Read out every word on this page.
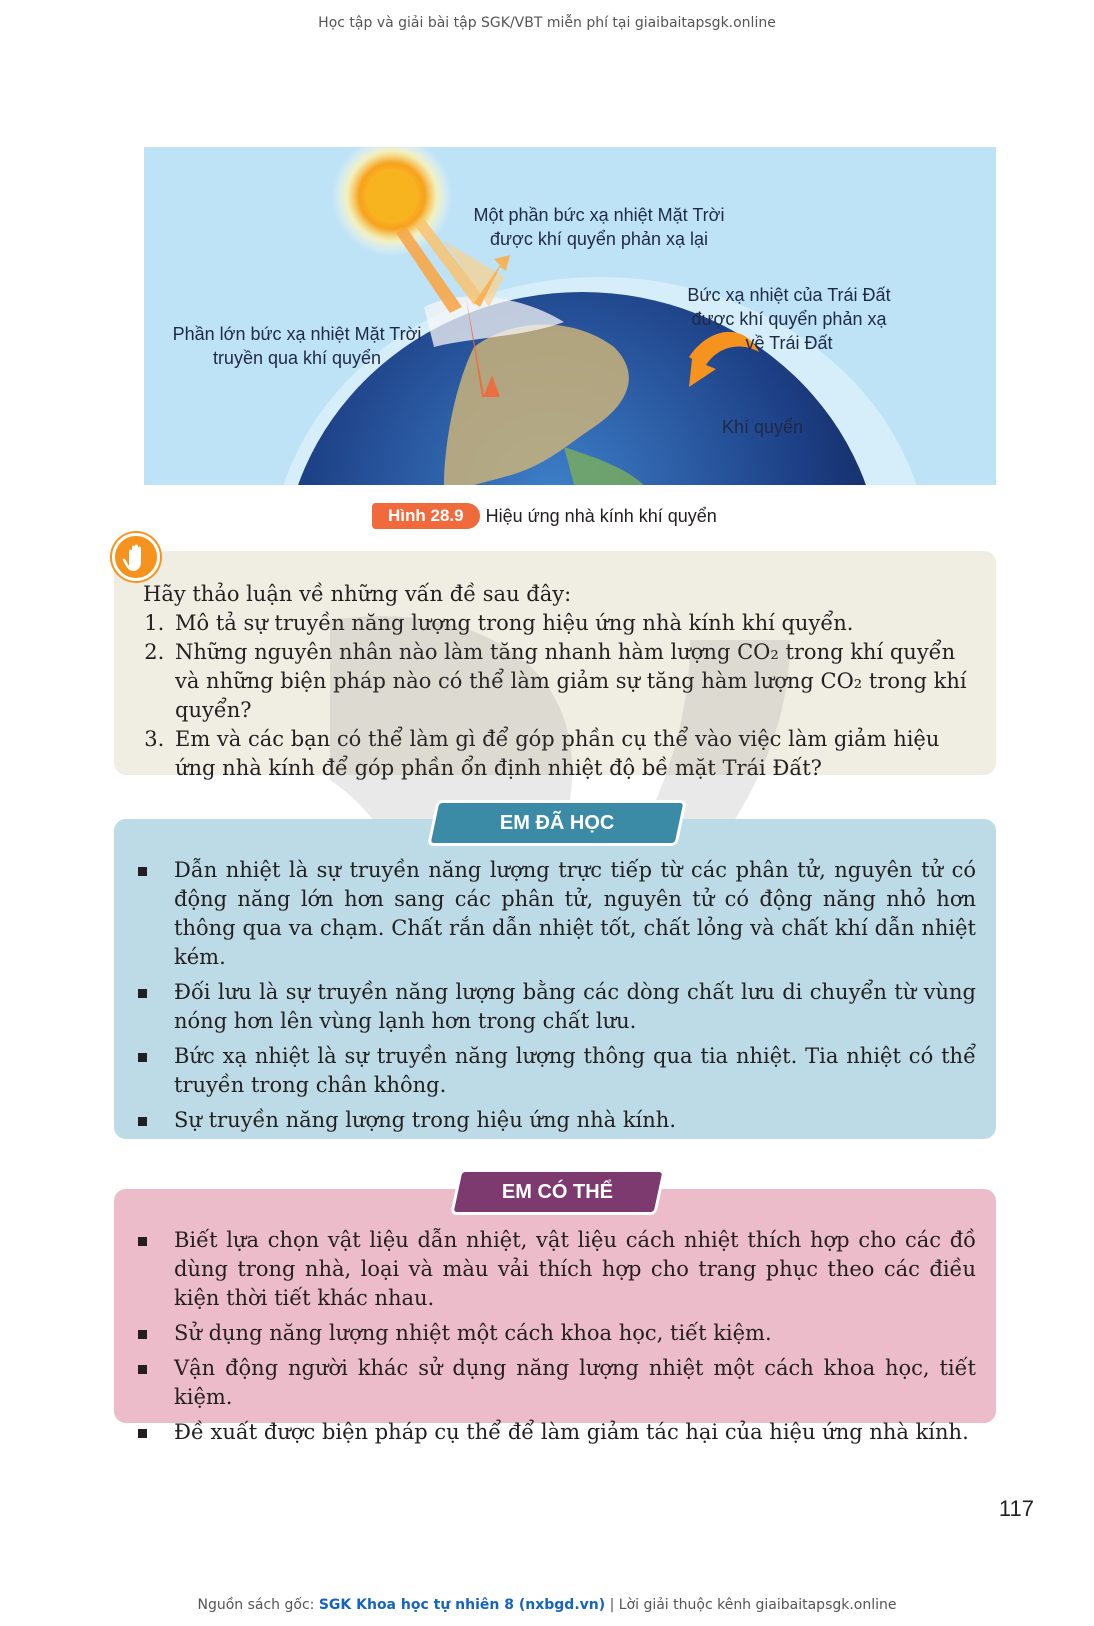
Học tập và giải bài tập SGK/VBT miễn phí tại giaibaitapsgk.online
Một phần bức xạ nhiệt Mặt Trời được khí quyển phản xạ lại
Bức xạ nhiệt của Trái Đất được khí quyển phản xạ về Trái Đất
Phần lớn bức xạ nhiệt Mặt Trời truyền qua khí quyển
Khí quyển
Hình 28.9	Hiệu ứng nhà kính khí quyển
Hãy thảo luận về những vấn đề sau đây:
1. Mô tả sự truyền năng lượng trong hiệu ứng nhà kính khí quyển.
2. Những nguyên nhân nào làm tăng nhanh hàm lượng CO₂ trong khí quyển và những biện pháp nào có thể làm giảm sự tăng hàm lượng CO₂ trong khí quyển?
3. Em và các bạn có thể làm gì để góp phần cụ thể vào việc làm giảm hiệu ứng nhà kính để góp phần ổn định nhiệt độ bề mặt Trái Đất?
EM ĐÃ HỌC
Dẫn nhiệt là sự truyền năng lượng trực tiếp từ các phân tử, nguyên tử có động năng lớn hơn sang các phân tử, nguyên tử có động năng nhỏ hơn thông qua va chạm. Chất rắn dẫn nhiệt tốt, chất lỏng và chất khí dẫn nhiệt kém.
Đối lưu là sự truyền năng lượng bằng các dòng chất lưu di chuyển từ vùng nóng hơn lên vùng lạnh hơn trong chất lưu.
Bức xạ nhiệt là sự truyền năng lượng thông qua tia nhiệt. Tia nhiệt có thể truyền trong chân không.
Sự truyền năng lượng trong hiệu ứng nhà kính.
EM CÓ THỂ
Biết lựa chọn vật liệu dẫn nhiệt, vật liệu cách nhiệt thích hợp cho các đồ dùng trong nhà, loại và màu vải thích hợp cho trang phục theo các điều kiện thời tiết khác nhau.
Sử dụng năng lượng nhiệt một cách khoa học, tiết kiệm.
Vận động người khác sử dụng năng lượng nhiệt một cách khoa học, tiết kiệm.
Đề xuất được biện pháp cụ thể để làm giảm tác hại của hiệu ứng nhà kính.
117
Nguồn sách gốc: SGK Khoa học tự nhiên 8 (nxbgd.vn) | Lời giải thuộc kênh giaibaitapsgk.online
